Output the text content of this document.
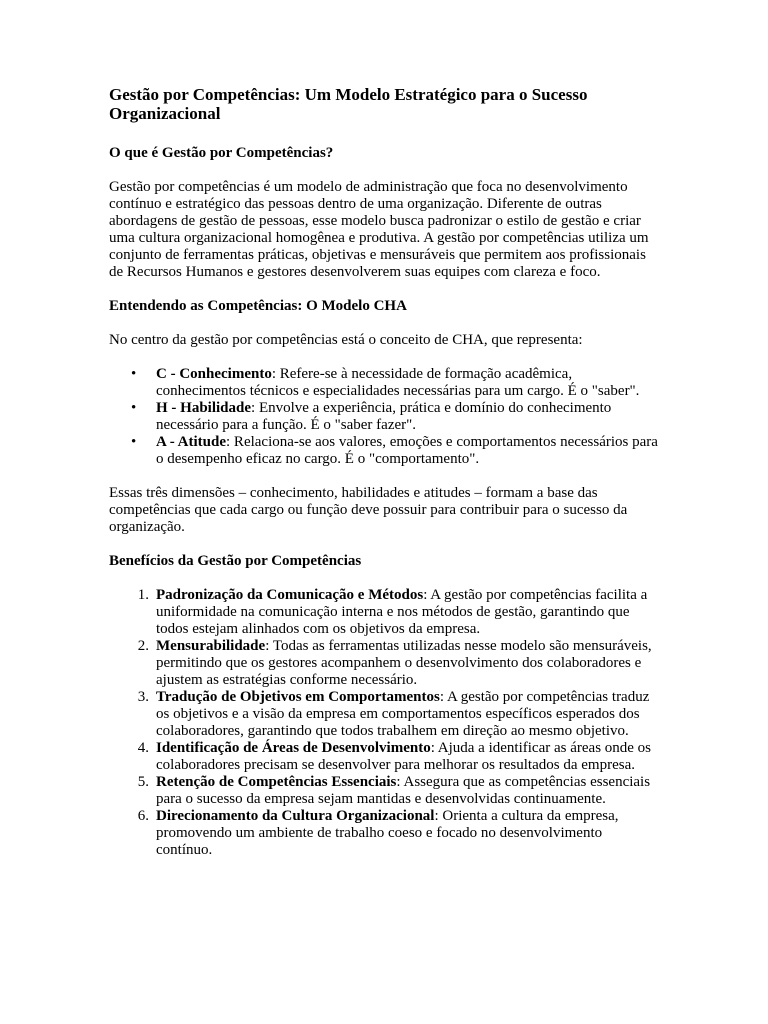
Gestão por Competências: Um Modelo Estratégico para o Sucesso Organizacional
O que é Gestão por Competências?

Gestão por competências é um modelo de administração que foca no desenvolvimento contínuo e estratégico das pessoas dentro de uma organização. Diferente de outras abordagens de gestão de pessoas, esse modelo busca padronizar o estilo de gestão e criar uma cultura organizacional homogênea e produtiva. A gestão por competências utiliza um conjunto de ferramentas práticas, objetivas e mensuráveis que permitem aos profissionais de Recursos Humanos e gestores desenvolverem suas equipes com clareza e foco.

Entendendo as Competências: O Modelo CHA

No centro da gestão por competências está o conceito de CHA, que representa:

•	C - Conhecimento: Refere-se à necessidade de formação acadêmica, conhecimentos técnicos e especialidades necessárias para um cargo. É o "saber".
•	H - Habilidade: Envolve a experiência, prática e domínio do conhecimento necessário para a função. É o "saber fazer".
•	A - Atitude: Relaciona-se aos valores, emoções e comportamentos necessários para o desempenho eficaz no cargo. É o "comportamento".

Essas três dimensões – conhecimento, habilidades e atitudes – formam a base das competências que cada cargo ou função deve possuir para contribuir para o sucesso da organização.

Benefícios da Gestão por Competências
1. Padronização da Comunicação e Métodos: A gestão por competências facilita a uniformidade na comunicação interna e nos métodos de gestão, garantindo que todos estejam alinhados com os objetivos da empresa.
2. Mensurabilidade: Todas as ferramentas utilizadas nesse modelo são mensuráveis, permitindo que os gestores acompanhem o desenvolvimento dos colaboradores e ajustem as estratégias conforme necessário.
3. Tradução de Objetivos em Comportamentos: A gestão por competências traduz os objetivos e a visão da empresa em comportamentos específicos esperados dos colaboradores, garantindo que todos trabalhem em direção ao mesmo objetivo.
4. Identificação de Áreas de Desenvolvimento: Ajuda a identificar as áreas onde os colaboradores precisam se desenvolver para melhorar os resultados da empresa.
5. Retenção de Competências Essenciais: Assegura que as competências essenciais para o sucesso da empresa sejam mantidas e desenvolvidas continuamente.
6. Direcionamento da Cultura Organizacional: Orienta a cultura da empresa, promovendo um ambiente de trabalho coeso e focado no desenvolvimento contínuo.
